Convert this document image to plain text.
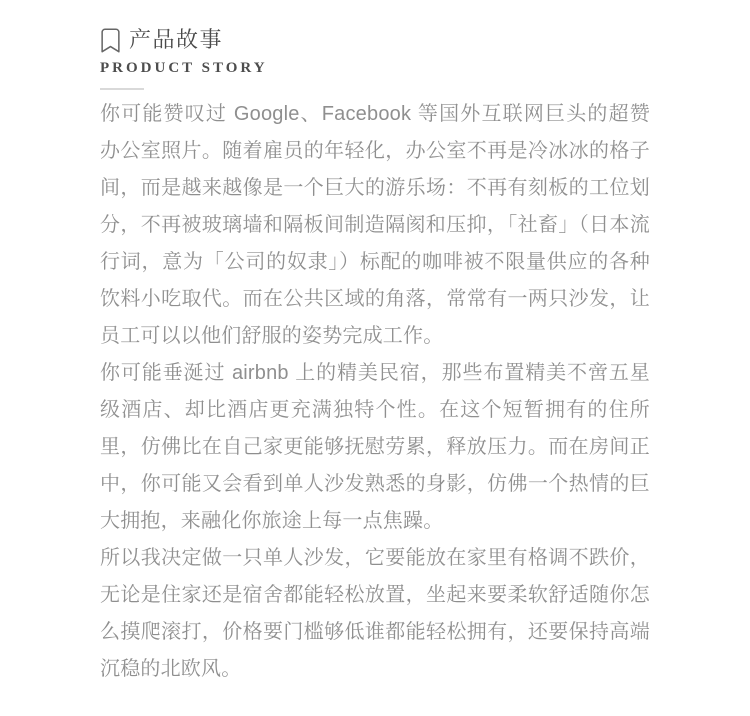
产品故事
PRODUCT STORY

你可能赞叹过 Google、Facebook 等国外互联网巨头的超赞办公室照片。随着雇员的年轻化，办公室不再是冷冰冰的格子间，而是越来越像是一个巨大的游乐场：不再有刻板的工位划分，不再被玻璃墙和隔板间制造隔阂和压抑，「社畜」（日本流行词，意为「公司的奴隶」）标配的咖啡被不限量供应的各种饮料小吃取代。而在公共区域的角落，常常有一两只沙发，让员工可以以他们舒服的姿势完成工作。

你可能垂涎过 airbnb 上的精美民宿，那些布置精美不啻五星级酒店、却比酒店更充满独特个性。在这个短暂拥有的住所里，仿佛比在自己家更能够抚慰劳累，释放压力。而在房间正中，你可能又会看到单人沙发熟悉的身影，仿佛一个热情的巨大拥抱，来融化你旅途上每一点焦躁。

所以我决定做一只单人沙发，它要能放在家里有格调不跌价，无论是住家还是宿舍都能轻松放置，坐起来要柔软舒适随你怎么摸爬滚打，价格要门槛够低谁都能轻松拥有，还要保持高端沉稳的北欧风。
